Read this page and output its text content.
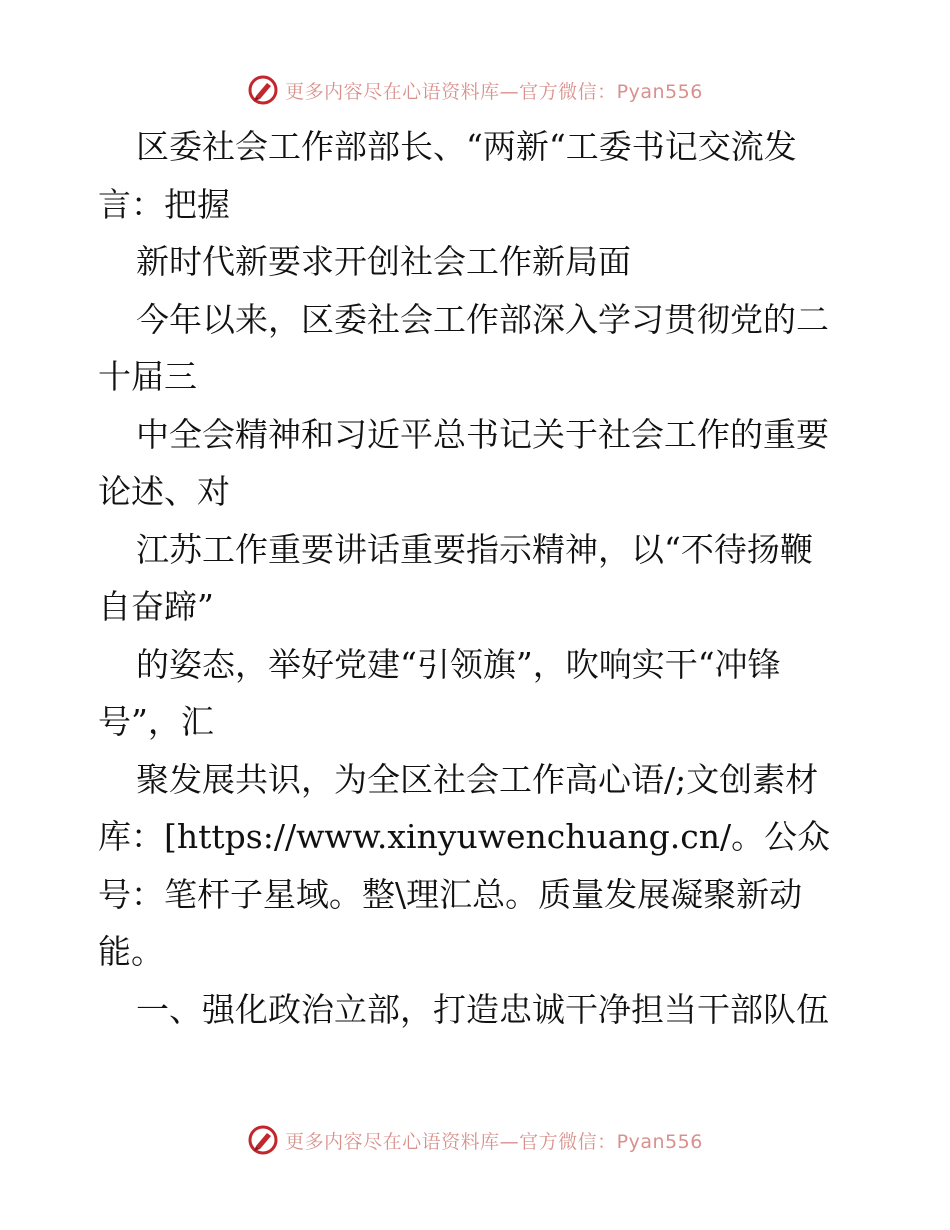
更多内容尽在心语资料库—官方微信：Pyan556
区委社会工作部部长、“两新“工委书记交流发
言：把握
新时代新要求开创社会工作新局面
今年以来，区委社会工作部深入学习贯彻党的二
十届三
中全会精神和习近平总书记关于社会工作的重要
论述、对
江苏工作重要讲话重要指示精神，以“不待扬鞭
自奋蹄”
的姿态，举好党建“引领旗”，吹响实干“冲锋
号”，汇
聚发展共识，为全区社会工作高心语/;文创素材
库：[https://www.xinyuwenchuang.cn/。公众
号：笔杆子星域。整\理汇总。质量发展凝聚新动
能。
一、强化政治立部，打造忠诚干净担当干部队伍
更多内容尽在心语资料库—官方微信：Pyan556
